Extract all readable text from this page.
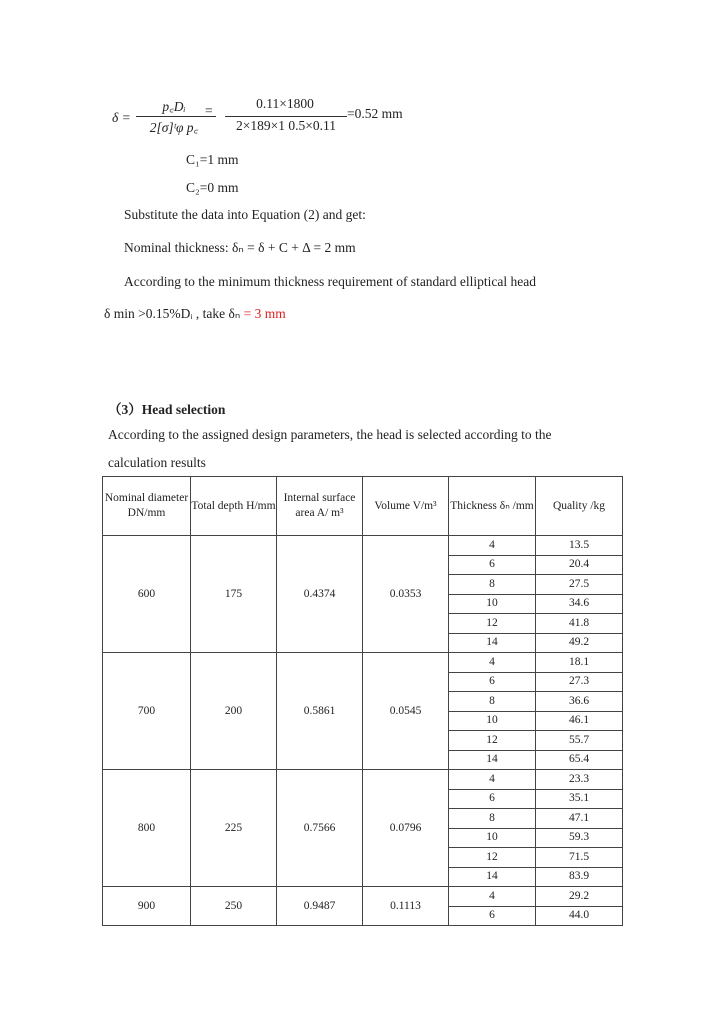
δ =
p꜀Dᵢ
2[σ]ᵗφ p꜀
=	0.11×1800
2×189×1 0.5×0.11
=0.52 mm
C₁=1 mm
C₂=0 mm
Substitute the data into Equation (2) and get:
Nominal thickness: δₙ = δ + C + Δ = 2 mm
According to the minimum thickness requirement of standard elliptical head
δ min >0.15%Dᵢ , take δₙ = 3 mm
（3）Head selection
According to the assigned design parameters, the head is selected according to the
calculation results
Nominal diameter DN/mm	Total depth H/mm	Internal surface area A/ m³	Volume V/m³	Thickness δₙ /mm	Quality /kg
600	175	0.4374	0.0353	4	13.5
				6	20.4
				8	27.5
				10	34.6
				12	41.8
				14	49.2
700	200	0.5861	0.0545	4	18.1
				6	27.3
				8	36.6
				10	46.1
				12	55.7
				14	65.4
800	225	0.7566	0.0796	4	23.3
				6	35.1
				8	47.1
				10	59.3
				12	71.5
				14	83.9
900	250	0.9487	0.1113	4	29.2
				6	44.0
